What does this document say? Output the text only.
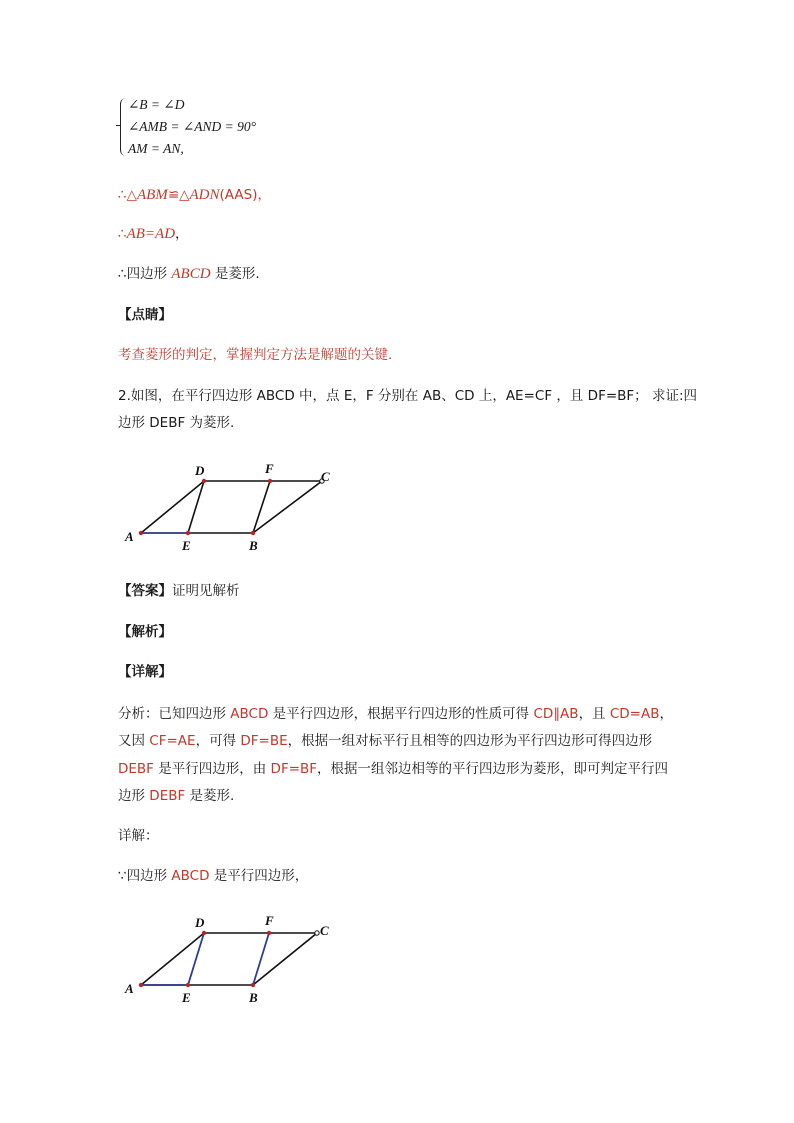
∠B = ∠D
∠AMB = ∠AND = 90°
AM = AN,
∴△ABM≌△ADN(AAS)，
∴AB=AD，
∴四边形 ABCD 是菱形.
【点睛】
考查菱形的判定，掌握判定方法是解题的关键.
2.如图，在平行四边形 ABCD 中，点 E，F 分别在 AB、CD 上，AE=CF ，且 DF=BF； 求证:四
边形 DEBF 为菱形.
A
E	B
D	F
C
【答案】证明见解析
【解析】
【详解】
分析：已知四边形 ABCD 是平行四边形，根据平行四边形的性质可得 CD∥AB，且 CD=AB，
又因 CF=AE，可得 DF=BE，根据一组对标平行且相等的四边形为平行四边形可得四边形
DEBF 是平行四边形，由 DF=BF，根据一组邻边相等的平行四边形为菱形，即可判定平行四
边形 DEBF 是菱形.
详解：
∵四边形 ABCD 是平行四边形，
A
E	B
D	F
C
